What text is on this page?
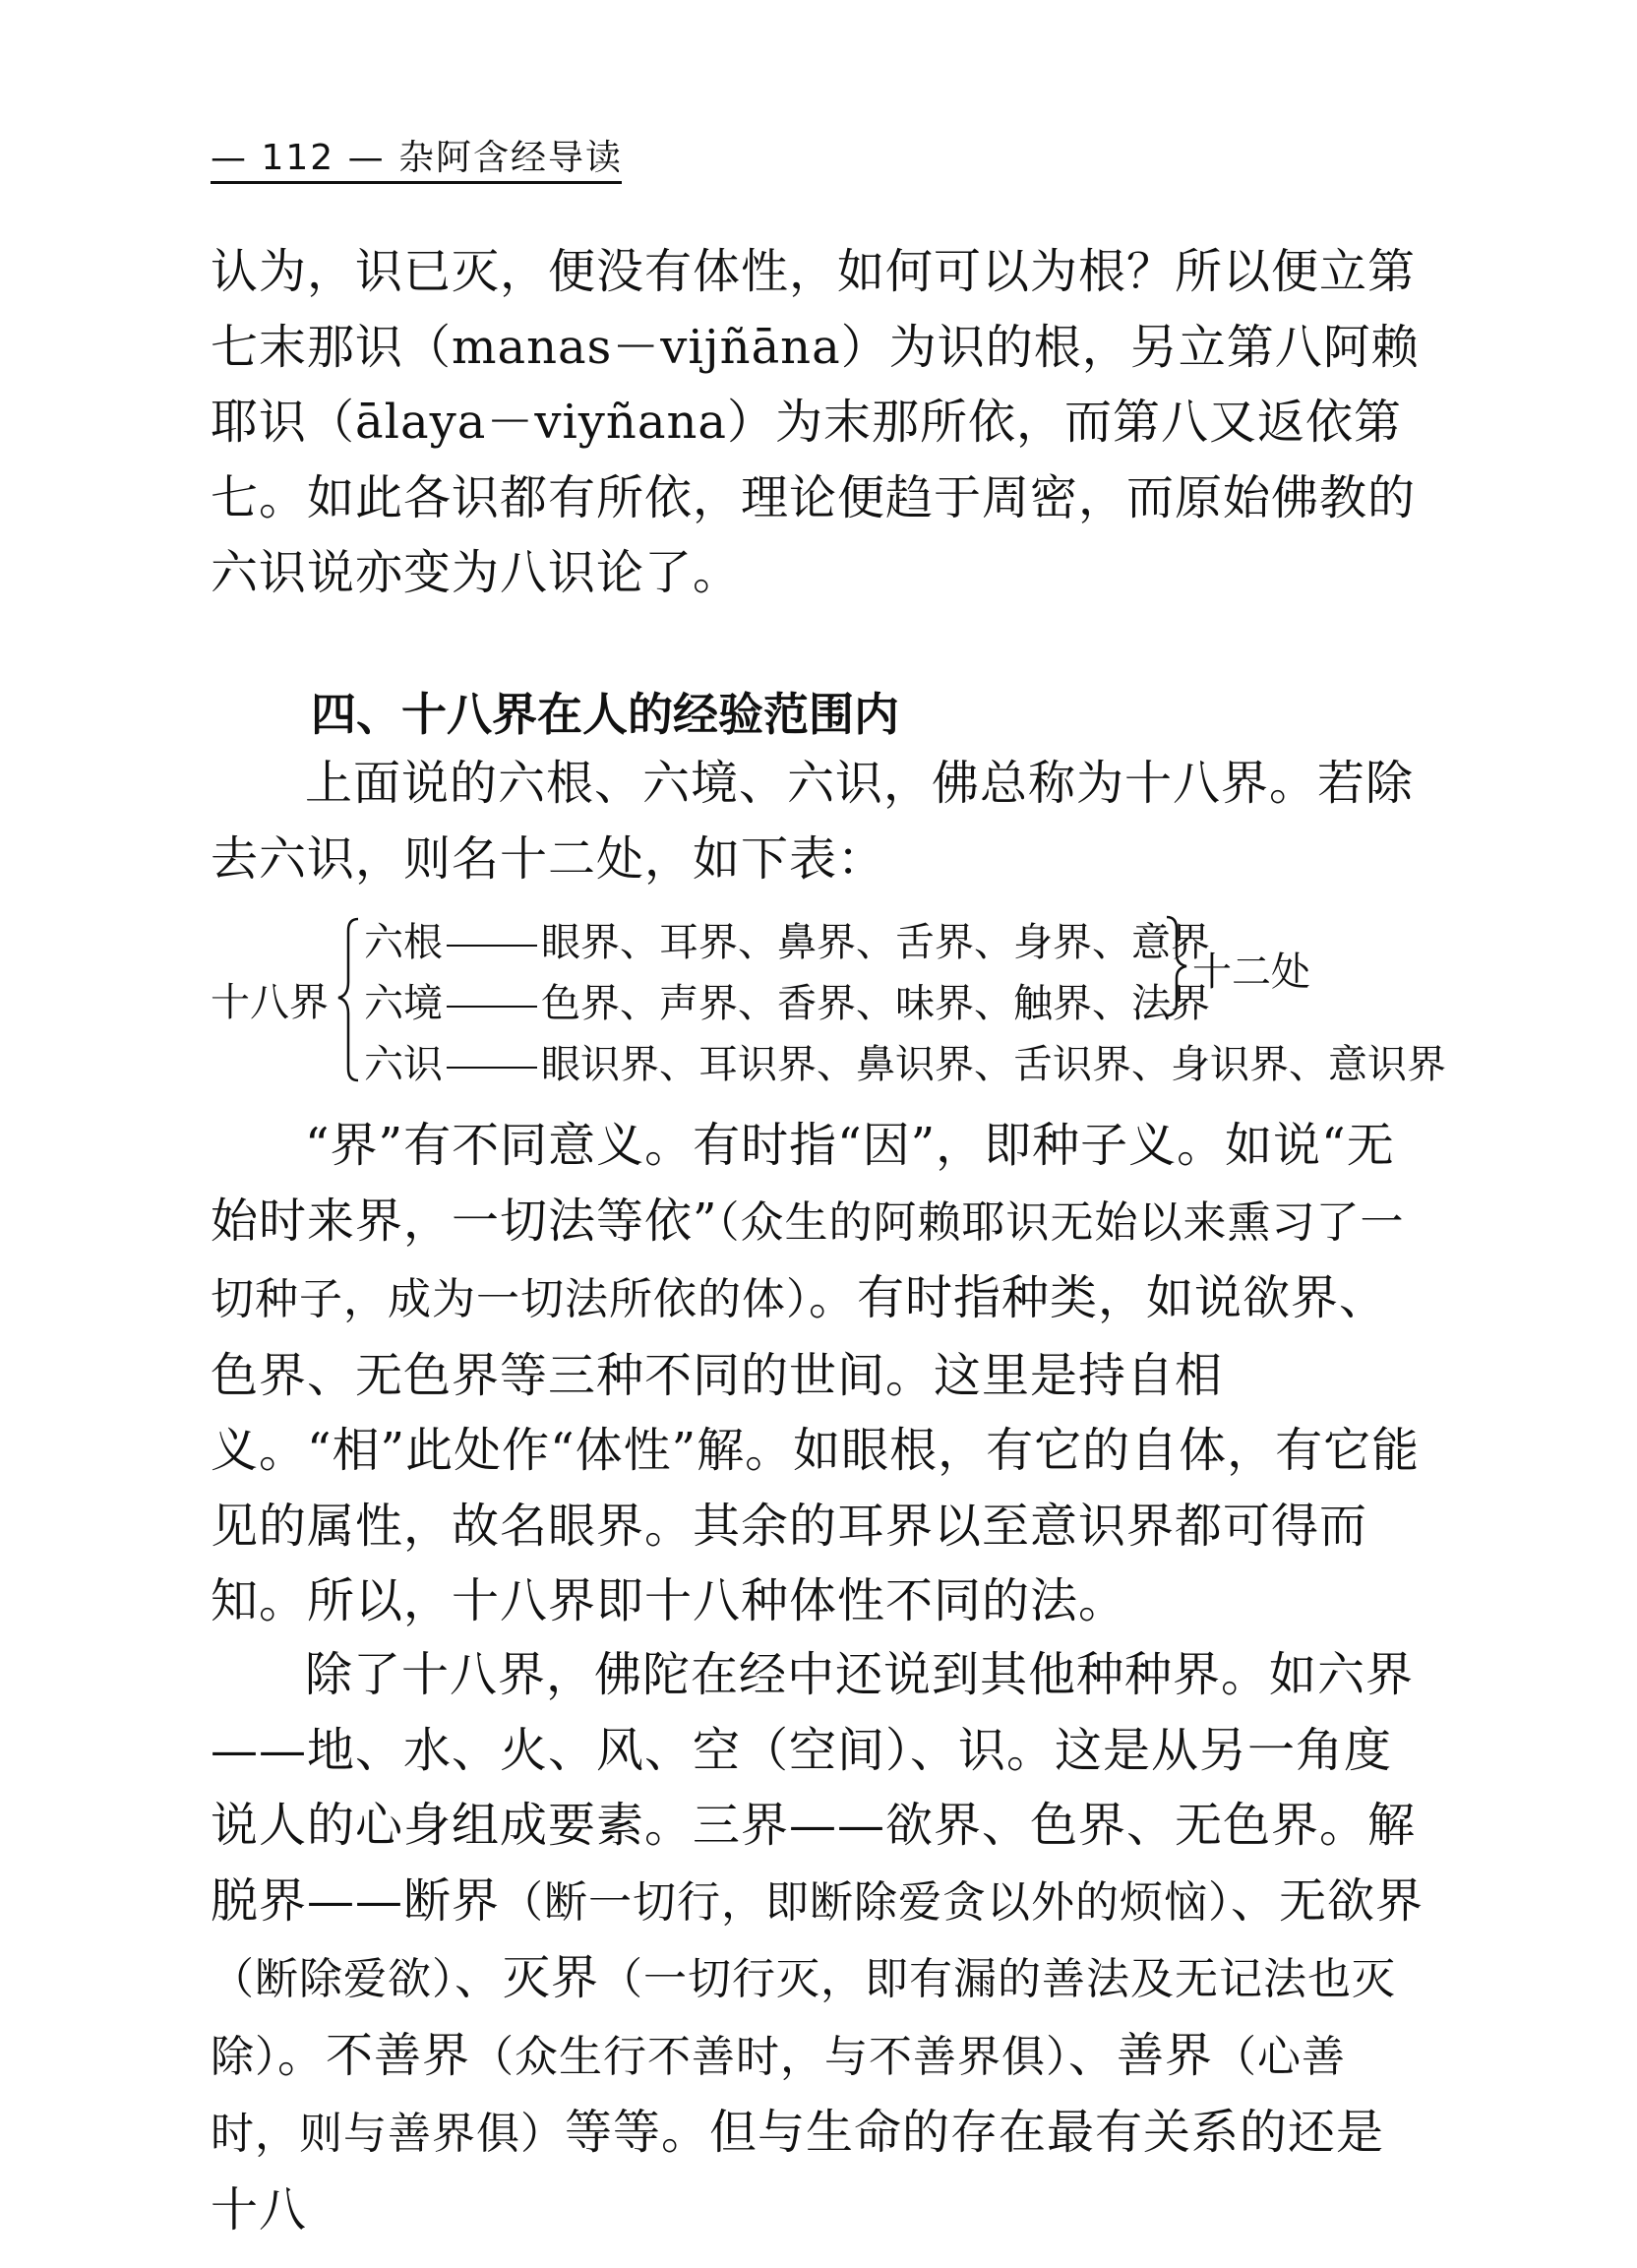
— 112 — 杂阿含经导读

认为，识已灭，便没有体性，如何可以为根？所以便立第七末那识（manas－vijñāna）为识的根，另立第八阿赖耶识（ālaya－viyñana）为末那所依，而第八又返依第七。如此各识都有所依，理论便趋于周密，而原始佛教的六识说亦变为八识论了。

四、十八界在人的经验范围内

上面说的六根、六境、六识，佛总称为十八界。若除去六识，则名十二处，如下表：

十八界
六根	眼界、耳界、鼻界、舌界、身界、意界
六境	色界、声界、香界、味界、触界、法界
六识	眼识界、耳识界、鼻识界、舌识界、身识界、意识界
十二处

“界”有不同意义。有时指“因”，即种子义。如说“无始时来界，一切法等依”（众生的阿赖耶识无始以来熏习了一切种子，成为一切法所依的体）。有时指种类，如说欲界、色界、无色界等三种不同的世间。这里是持自相义。“相”此处作“体性”解。如眼根，有它的自体，有它能见的属性，故名眼界。其余的耳界以至意识界都可得而知。所以，十八界即十八种体性不同的法。

除了十八界，佛陀在经中还说到其他种种界。如六界——地、水、火、风、空（空间）、识。这是从另一角度说人的心身组成要素。三界——欲界、色界、无色界。解脱界——断界（断一切行，即断除爱贪以外的烦恼）、无欲界（断除爱欲）、灭界（一切行灭，即有漏的善法及无记法也灭除）。不善界（众生行不善时，与不善界俱）、善界（心善时，则与善界俱）等等。但与生命的存在最有关系的还是十八
